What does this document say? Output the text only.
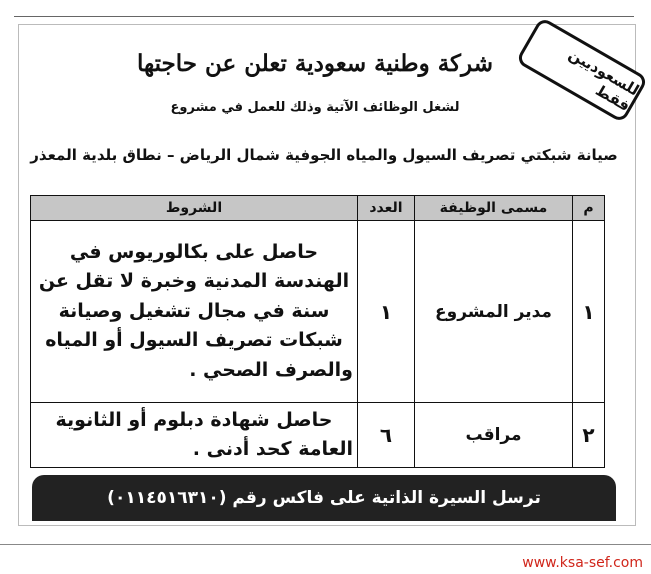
للسعوديين فقط
شركة وطنية سعودية تعلن عن حاجتها
لشغل الوظائف الآتية وذلك للعمل في مشروع
صيانة شبكتي تصريف السيول والمياه الجوفية شمال الرياض – نطاق بلدية المعذر
م	مسمى الوظيفة	العدد	الشروط
١	مدير المشروع	١	حاصل على بكالوريوس في الهندسة المدنية وخبرة لا تقل عن سنة في مجال تشغيل وصيانة شبكات تصريف السيول أو المياه والصرف الصحي .
٢	مراقب	٦	حاصل شهادة دبلوم أو الثانوية العامة كحد أدنى .
ترسل السيرة الذاتية على فاكس رقم (٠١١٤٥١٦٣١٠)
www.ksa-sef.com
